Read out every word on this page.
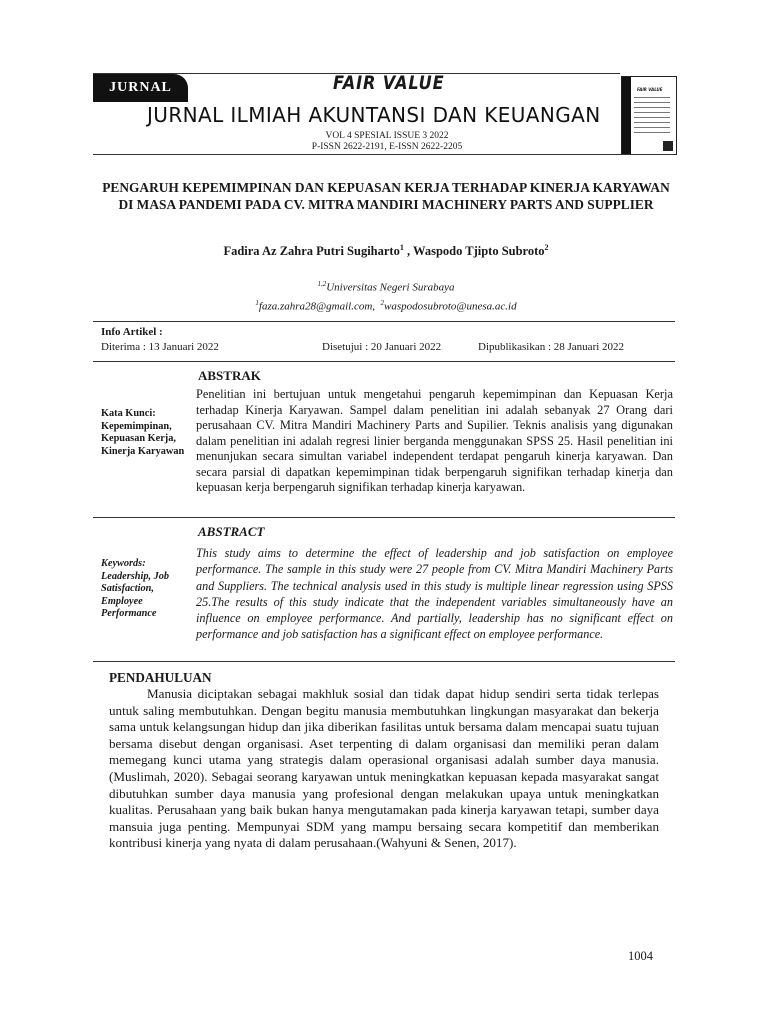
JURNAL	FAIR VALUE
JURNAL ILMIAH AKUNTANSI DAN KEUANGAN
VOL 4 SPESIAL ISSUE 3 2022
P-ISSN 2622-2191, E-ISSN 2622-2205
FAIR VALUE
PENGARUH KEPEMIMPINAN DAN KEPUASAN KERJA TERHADAP KINERJA KARYAWAN DI MASA PANDEMI PADA CV. MITRA MANDIRI MACHINERY PARTS AND SUPPLIER
Fadira Az Zahra Putri Sugiharto$^1$ , Waspodo Tjipto Subroto$^2$
$^{1,2}$Universitas Negeri Surabaya
$^1$faza.zahra28@gmail.com, $^2$waspodosubroto@unesa.ac.id
Info Artikel :
Diterima : 13 Januari 2022	Disetujui : 20 Januari 2022	Dipublikasikan : 28 Januari 2022
ABSTRAK
Kata Kunci:
Kepemimpinan, Kepuasan Kerja, Kinerja Karyawan
Penelitian ini bertujuan untuk mengetahui pengaruh kepemimpinan dan Kepuasan Kerja terhadap Kinerja Karyawan. Sampel dalam penelitian ini adalah sebanyak 27 Orang dari perusahaan CV. Mitra Mandiri Machinery Parts and Supilier. Teknis analisis yang digunakan dalam penelitian ini adalah regresi linier berganda menggunakan SPSS 25. Hasil penelitian ini menunjukan secara simultan variabel independent terdapat pengaruh kinerja karyawan. Dan secara parsial di dapatkan kepemimpinan tidak berpengaruh signifikan terhadap kinerja dan kepuasan kerja berpengaruh signifikan terhadap kinerja karyawan.
ABSTRACT
Keywords:
Leadership, Job Satisfaction, Employee Performance
This study aims to determine the effect of leadership and job satisfaction on employee performance. The sample in this study were 27 people from CV. Mitra Mandiri Machinery Parts and Suppliers. The technical analysis used in this study is multiple linear regression using SPSS 25.The results of this study indicate that the independent variables simultaneously have an influence on employee performance. And partially, leadership has no significant effect on performance and job satisfaction has a significant effect on employee performance.
PENDAHULUAN

Manusia diciptakan sebagai makhluk sosial dan tidak dapat hidup sendiri serta tidak terlepas untuk saling membutuhkan. Dengan begitu manusia membutuhkan lingkungan masyarakat dan bekerja sama untuk kelangsungan hidup dan jika diberikan fasilitas untuk bersama dalam mencapai suatu tujuan bersama disebut dengan organisasi. Aset terpenting di dalam organisasi dan memiliki peran dalam memegang kunci utama yang strategis dalam operasional organisasi adalah sumber daya manusia. (Muslimah, 2020). Sebagai seorang karyawan untuk meningkatkan kepuasan kepada masyarakat sangat dibutuhkan sumber daya manusia yang profesional dengan melakukan upaya untuk meningkatkan kualitas. Perusahaan yang baik bukan hanya mengutamakan pada kinerja karyawan tetapi, sumber daya mansuia juga penting. Mempunyai SDM yang mampu bersaing secara kompetitif dan memberikan kontribusi kinerja yang nyata di dalam perusahaan.(Wahyuni & Senen, 2017).

1004
